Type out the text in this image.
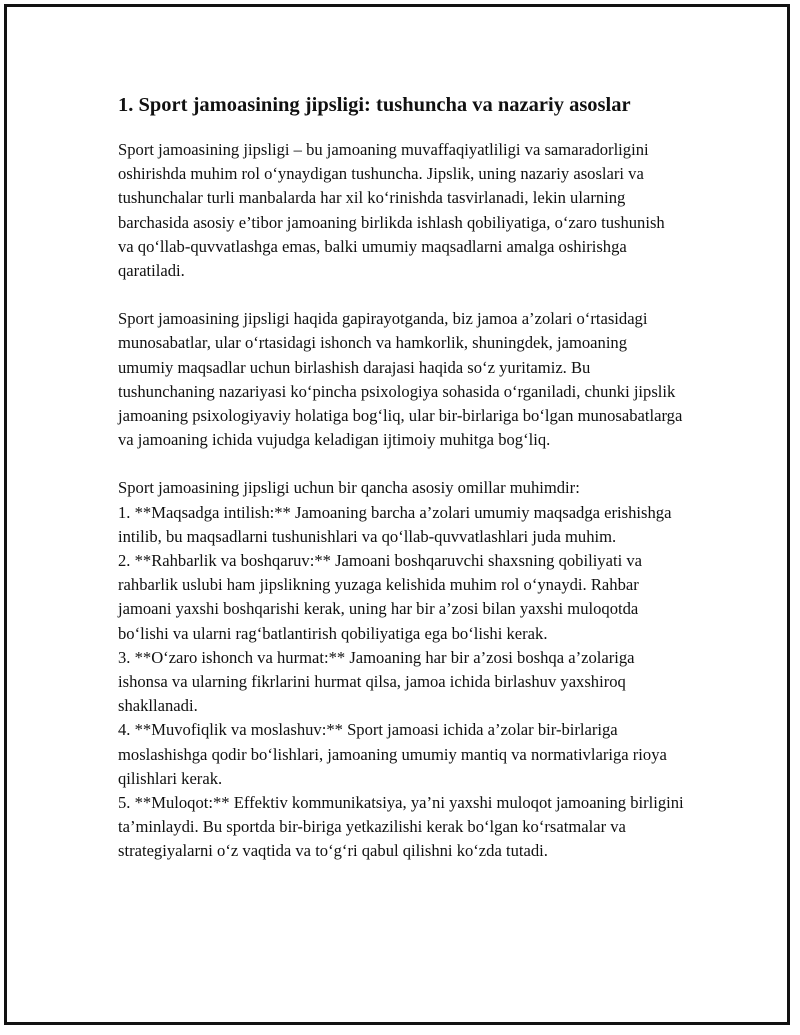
1. Sport jamoasining jipsligi: tushuncha va nazariy asoslar

Sport jamoasining jipsligi – bu jamoaning muvaffaqiyatliligi va samaradorligini oshirishda muhim rol o‘ynaydigan tushuncha. Jipslik, uning nazariy asoslari va tushunchalar turli manbalarda har xil ko‘rinishda tasvirlanadi, lekin ularning barchasida asosiy e’tibor jamoaning birlikda ishlash qobiliyatiga, o‘zaro tushunish va qo‘llab-quvvatlashga emas, balki umumiy maqsadlarni amalga oshirishga qaratiladi.

Sport jamoasining jipsligi haqida gapirayotganda, biz jamoa a’zolari o‘rtasidagi munosabatlar, ular o‘rtasidagi ishonch va hamkorlik, shuningdek, jamoaning umumiy maqsadlar uchun birlashish darajasi haqida so‘z yuritamiz. Bu tushunchaning nazariyasi ko‘pincha psixologiya sohasida o‘rganiladi, chunki jipslik jamoaning psixologiyaviy holatiga bog‘liq, ular bir-birlariga bo‘lgan munosabatlarga va jamoaning ichida vujudga keladigan ijtimoiy muhitga bog‘liq.

Sport jamoasining jipsligi uchun bir qancha asosiy omillar muhimdir:

1. **Maqsadga intilish:** Jamoaning barcha a’zolari umumiy maqsadga erishishga intilib, bu maqsadlarni tushunishlari va qo‘llab-quvvatlashlari juda muhim.
2. **Rahbarlik va boshqaruv:** Jamoani boshqaruvchi shaxsning qobiliyati va rahbarlik uslubi ham jipslikning yuzaga kelishida muhim rol o‘ynaydi. Rahbar jamoani yaxshi boshqarishi kerak, uning har bir a’zosi bilan yaxshi muloqotda bo‘lishi va ularni rag‘batlantirish qobiliyatiga ega bo‘lishi kerak.
3. **O‘zaro ishonch va hurmat:** Jamoaning har bir a’zosi boshqa a’zolariga ishonsa va ularning fikrlarini hurmat qilsa, jamoa ichida birlashuv yaxshiroq shakllanadi.
4. **Muvofiqlik va moslashuv:** Sport jamoasi ichida a’zolar bir-birlariga moslashishga qodir bo‘lishlari, jamoaning umumiy mantiq va normativlariga rioya qilishlari kerak.
5. **Muloqot:** Effektiv kommunikatsiya, ya’ni yaxshi muloqot jamoaning birligini ta’minlaydi. Bu sportda bir-biriga yetkazilishi kerak bo‘lgan ko‘rsatmalar va strategiyalarni o‘z vaqtida va to‘g‘ri qabul qilishni ko‘zda tutadi.
